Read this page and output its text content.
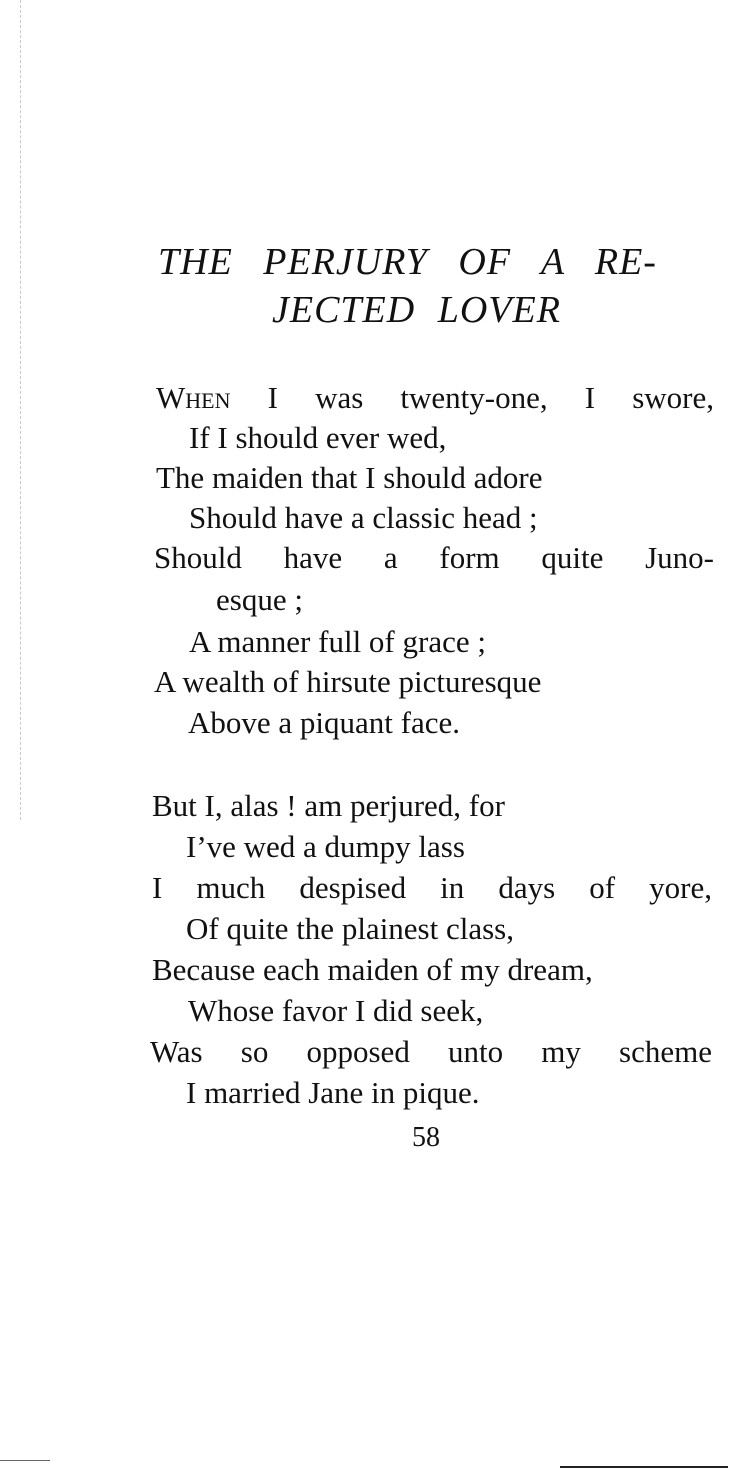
THE PERJURY OF A RE-
JECTED LOVER

When I was twenty-one, I swore,

If I should ever wed,

The maiden that I should adore

Should have a classic head ;

Should have a form quite Juno-

esque ;

A manner full of grace ;

A wealth of hirsute picturesque

Above a piquant face.

But I, alas ! am perjured, for

I’ve wed a dumpy lass

I much despised in days of yore,

Of quite the plainest class,

Because each maiden of my dream,

Whose favor I did seek,

Was so opposed unto my scheme

I married Jane in pique.

58
